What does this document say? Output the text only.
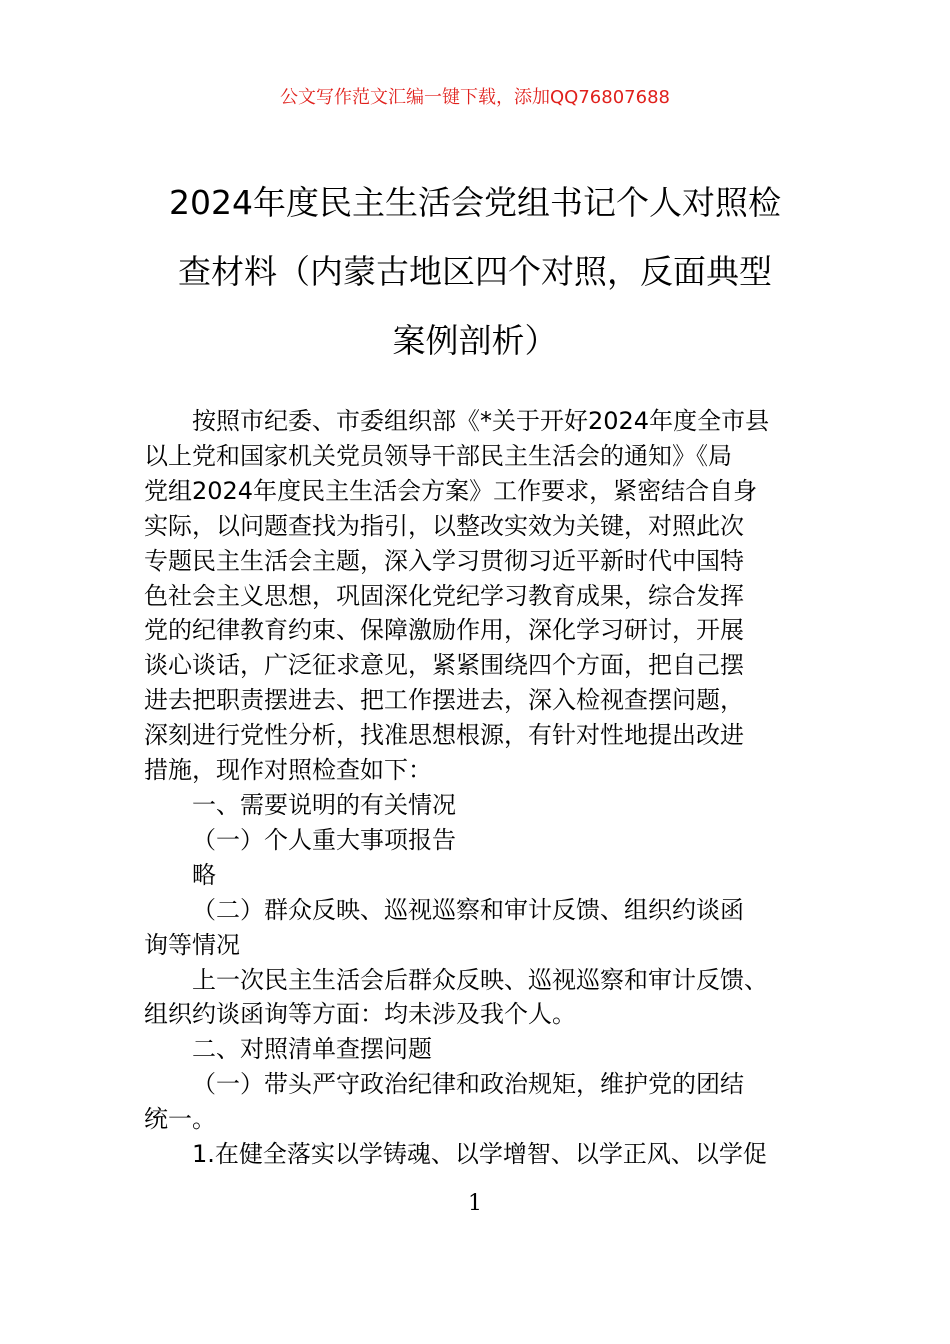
公文写作范文汇编一键下载，添加QQ76807688
2024年度民主生活会党组书记个人对照检
查材料（内蒙古地区四个对照，反面典型
案例剖析）

按照市纪委、市委组织部《*关于开好2024年度全市县

以上党和国家机关党员领导干部民主生活会的通知》《局

党组2024年度民主生活会方案》工作要求，紧密结合自身

实际，以问题查找为指引，以整改实效为关键，对照此次

专题民主生活会主题，深入学习贯彻习近平新时代中国特

色社会主义思想，巩固深化党纪学习教育成果，综合发挥

党的纪律教育约束、保障激励作用，深化学习研讨，开展

谈心谈话，广泛征求意见，紧紧围绕四个方面，把自己摆

进去把职责摆进去、把工作摆进去，深入检视查摆问题，

深刻进行党性分析，找准思想根源，有针对性地提出改进

措施，现作对照检查如下：

一、需要说明的有关情况

（一）个人重大事项报告

略

（二）群众反映、巡视巡察和审计反馈、组织约谈函

询等情况

上一次民主生活会后群众反映、巡视巡察和审计反馈、

组织约谈函询等方面：均未涉及我个人。

二、对照清单查摆问题

（一）带头严守政治纪律和政治规矩，维护党的团结

统一。

1.在健全落实以学铸魂、以学增智、以学正风、以学促

1
